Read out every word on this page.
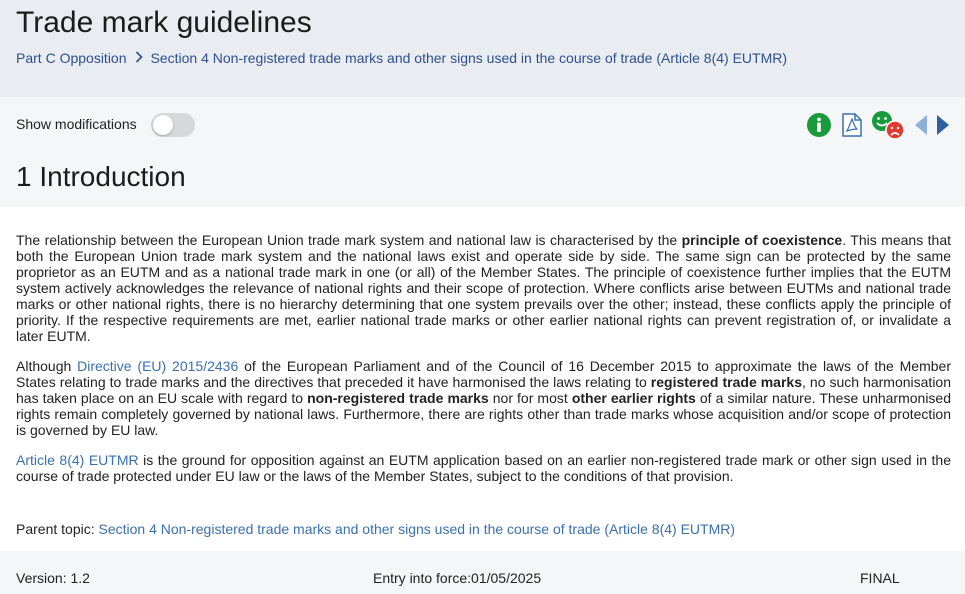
Trade mark guidelines
Part C Opposition Section 4 Non-registered trade marks and other signs used in the course of trade (Article 8(4) EUTMR)
Show modifications
1 Introduction

The relationship between the European Union trade mark system and national law is characterised by the principle of coexistence. This means that both the European Union trade mark system and the national laws exist and operate side by side. The same sign can be protected by the same proprietor as an EUTM and as a national trade mark in one (or all) of the Member States. The principle of coexistence further implies that the EUTM system actively acknowledges the relevance of national rights and their scope of protection. Where conflicts arise between EUTMs and national trade marks or other national rights, there is no hierarchy determining that one system prevails over the other; instead, these conflicts apply the principle of priority. If the respective requirements are met, earlier national trade marks or other earlier national rights can prevent registration of, or invalidate a later EUTM.

Although Directive (EU) 2015/2436 of the European Parliament and of the Council of 16 December 2015 to approximate the laws of the Member States relating to trade marks and the directives that preceded it have harmonised the laws relating to registered trade marks, no such harmonisation has taken place on an EU scale with regard to non-registered trade marks nor for most other earlier rights of a similar nature. These unharmonised rights remain completely governed by national laws. Furthermore, there are rights other than trade marks whose acquisition and/or scope of protection is governed by EU law.

Article 8(4) EUTMR is the ground for opposition against an EUTM application based on an earlier non-registered trade mark or other sign used in the course of trade protected under EU law or the laws of the Member States, subject to the conditions of that provision.

Parent topic: Section 4 Non-registered trade marks and other signs used in the course of trade (Article 8(4) EUTMR)
Version: 1.2	Entry into force:01/05/2025	FINAL
